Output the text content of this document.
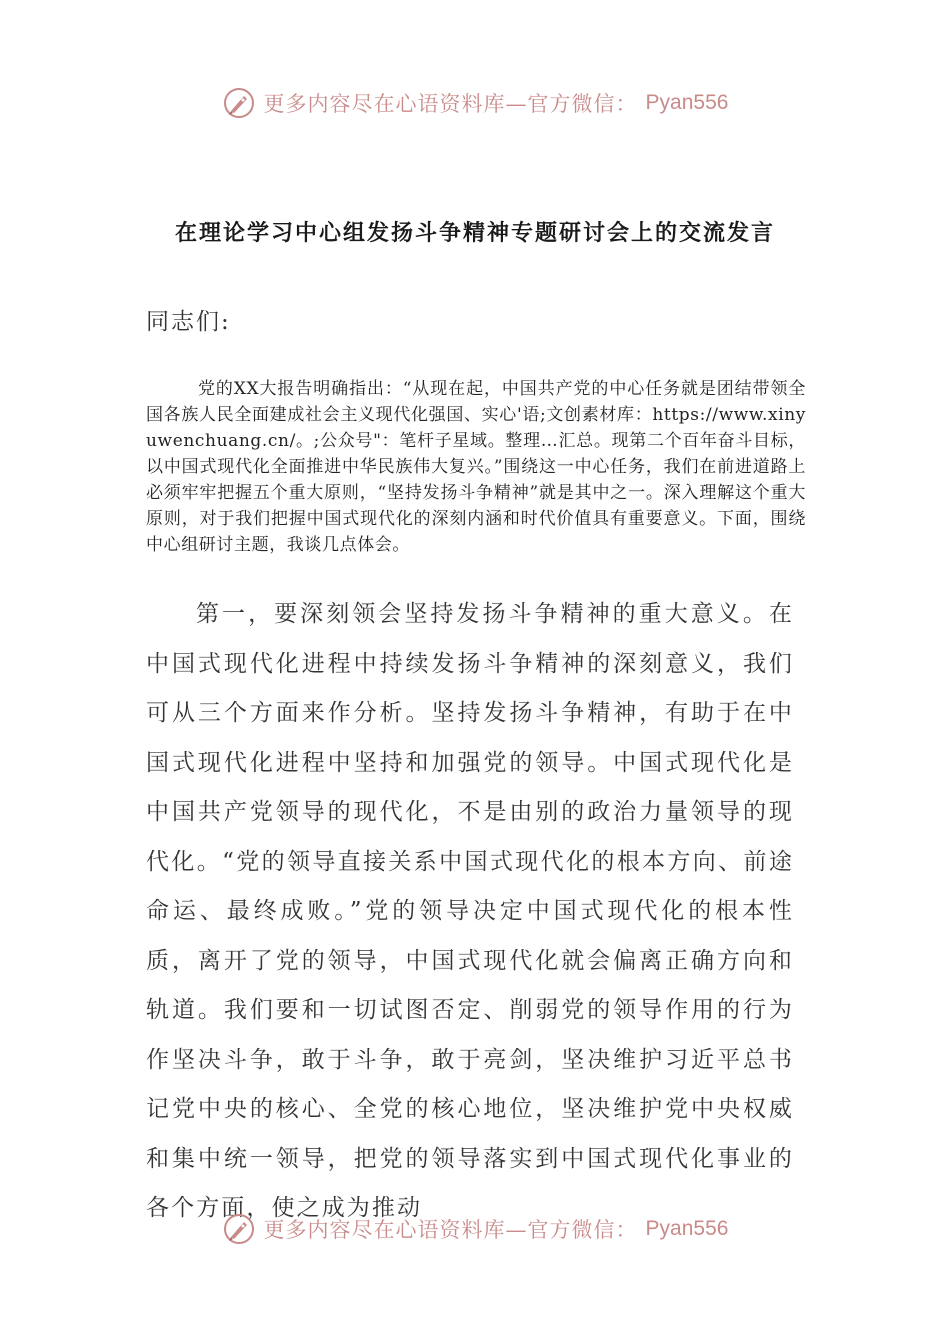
更多内容尽在心语资料库—官方微信： Pyan556
在理论学习中心组发扬斗争精神专题研讨会上的交流发言
同志们:

党的XX大报告明确指出：“从现在起，中国共产党的中心任务就是团结带领全国各族人民全面建成社会主义现代化强国、实心'语;文创素材库：https://www.xinyuwenchuang.cn/。;公众号"：笔杆子星域。整理…汇总。现第二个百年奋斗目标，以中国式现代化全面推进中华民族伟大复兴。”围绕这一中心任务，我们在前进道路上必须牢牢把握五个重大原则，“坚持发扬斗争精神”就是其中之一。深入理解这个重大原则，对于我们把握中国式现代化的深刻内涵和时代价值具有重要意义。下面，围绕中心组研讨主题，我谈几点体会。

第一，要深刻领会坚持发扬斗争精神的重大意义。在中国式现代化进程中持续发扬斗争精神的深刻意义，我们可从三个方面来作分析。坚持发扬斗争精神，有助于在中国式现代化进程中坚持和加强党的领导。中国式现代化是中国共产党领导的现代化，不是由别的政治力量领导的现代化。“党的领导直接关系中国式现代化的根本方向、前途命运、最终成败。”党的领导决定中国式现代化的根本性质，离开了党的领导，中国式现代化就会偏离正确方向和轨道。我们要和一切试图否定、削弱党的领导作用的行为作坚决斗争，敢于斗争，敢于亮剑，坚决维护习近平总书记党中央的核心、全党的核心地位，坚决维护党中央权威和集中统一领导，把党的领导落实到中国式现代化事业的各个方面，使之成为推动

更多内容尽在心语资料库—官方微信： Pyan556
